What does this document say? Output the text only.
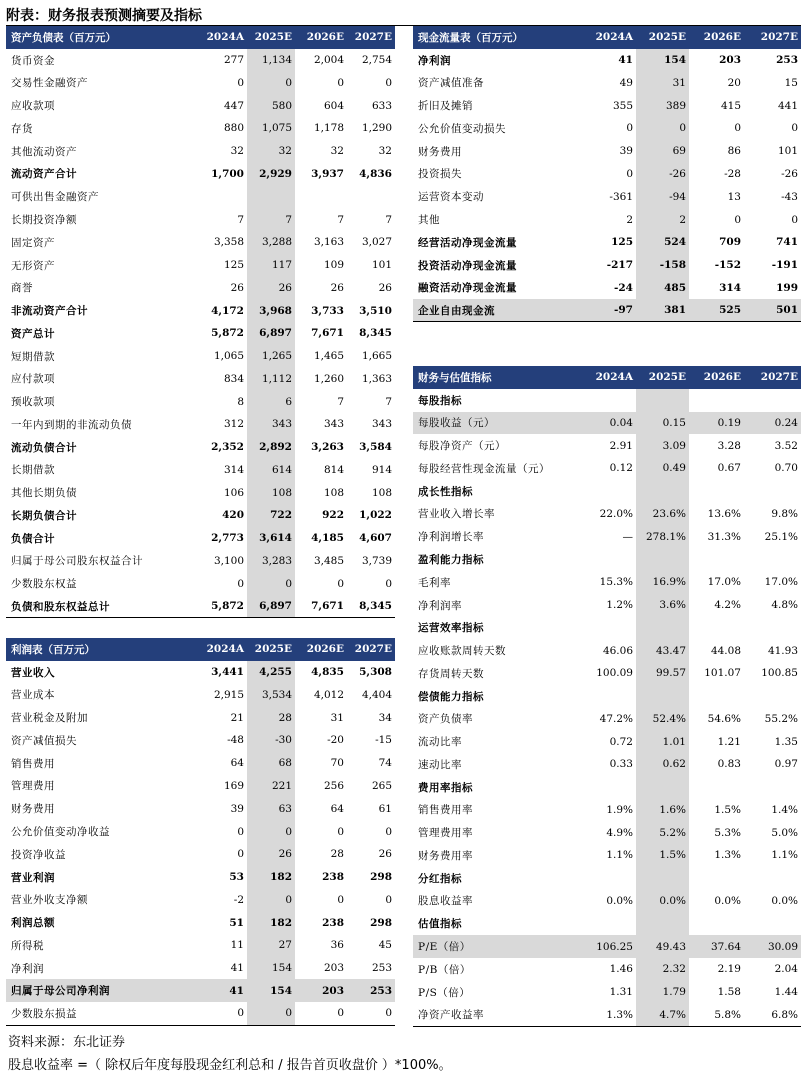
附表：财务报表预测摘要及指标
资产负债表（百万元）	2024A	2025E	2026E	2027E
货币资金	277	1,134	2,004	2,754
交易性金融资产	0	0	0	0
应收款项	447	580	604	633
存货	880	1,075	1,178	1,290
其他流动资产	32	32	32	32
流动资产合计	1,700	2,929	3,937	4,836
可供出售金融资产				
长期投资净额	7	7	7	7
固定资产	3,358	3,288	3,163	3,027
无形资产	125	117	109	101
商誉	26	26	26	26
非流动资产合计	4,172	3,968	3,733	3,510
资产总计	5,872	6,897	7,671	8,345
短期借款	1,065	1,265	1,465	1,665
应付款项	834	1,112	1,260	1,363
预收款项	8	6	7	7
一年内到期的非流动负债	312	343	343	343
流动负债合计	2,352	2,892	3,263	3,584
长期借款	314	614	814	914
其他长期负债	106	108	108	108
长期负债合计	420	722	922	1,022
负债合计	2,773	3,614	4,185	4,607
归属于母公司股东权益合计	3,100	3,283	3,485	3,739
少数股东权益	0	0	0	0
负债和股东权益总计	5,872	6,897	7,671	8,345
利润表（百万元）	2024A	2025E	2026E	2027E
营业收入	3,441	4,255	4,835	5,308
营业成本	2,915	3,534	4,012	4,404
营业税金及附加	21	28	31	34
资产减值损失	-48	-30	-20	-15
销售费用	64	68	70	74
管理费用	169	221	256	265
财务费用	39	63	64	61
公允价值变动净收益	0	0	0	0
投资净收益	0	26	28	26
营业利润	53	182	238	298
营业外收支净额	-2	0	0	0
利润总额	51	182	238	298
所得税	11	27	36	45
净利润	41	154	203	253
归属于母公司净利润	41	154	203	253
少数股东损益	0	0	0	0
现金流量表（百万元）	2024A	2025E	2026E	2027E
净利润	41	154	203	253
资产减值准备	49	31	20	15
折旧及摊销	355	389	415	441
公允价值变动损失	0	0	0	0
财务费用	39	69	86	101
投资损失	0	-26	-28	-26
运营资本变动	-361	-94	13	-43
其他	2	2	0	0
经营活动净现金流量	125	524	709	741
投资活动净现金流量	-217	-158	-152	-191
融资活动净现金流量	-24	485	314	199
企业自由现金流	-97	381	525	501
财务与估值指标	2024A	2025E	2026E	2027E
每股指标				
每股收益（元）	0.04	0.15	0.19	0.24
每股净资产（元）	2.91	3.09	3.28	3.52
每股经营性现金流量（元）	0.12	0.49	0.67	0.70
成长性指标				
营业收入增长率	22.0%	23.6%	13.6%	9.8%
净利润增长率	—	278.1%	31.3%	25.1%
盈利能力指标				
毛利率	15.3%	16.9%	17.0%	17.0%
净利润率	1.2%	3.6%	4.2%	4.8%
运营效率指标				
应收账款周转天数	46.06	43.47	44.08	41.93
存货周转天数	100.09	99.57	101.07	100.85
偿债能力指标				
资产负债率	47.2%	52.4%	54.6%	55.2%
流动比率	0.72	1.01	1.21	1.35
速动比率	0.33	0.62	0.83	0.97
费用率指标				
销售费用率	1.9%	1.6%	1.5%	1.4%
管理费用率	4.9%	5.2%	5.3%	5.0%
财务费用率	1.1%	1.5%	1.3%	1.1%
分红指标				
股息收益率	0.0%	0.0%	0.0%	0.0%
估值指标				
P/E（倍）	106.25	49.43	37.64	30.09
P/B（倍）	1.46	2.32	2.19	2.04
P/S（倍）	1.31	1.79	1.58	1.44
净资产收益率	1.3%	4.7%	5.8%	6.8%
资料来源：东北证券
股息收益率 =（ 除权后年度每股现金红利总和 / 报告首页收盘价 ）*100%。
